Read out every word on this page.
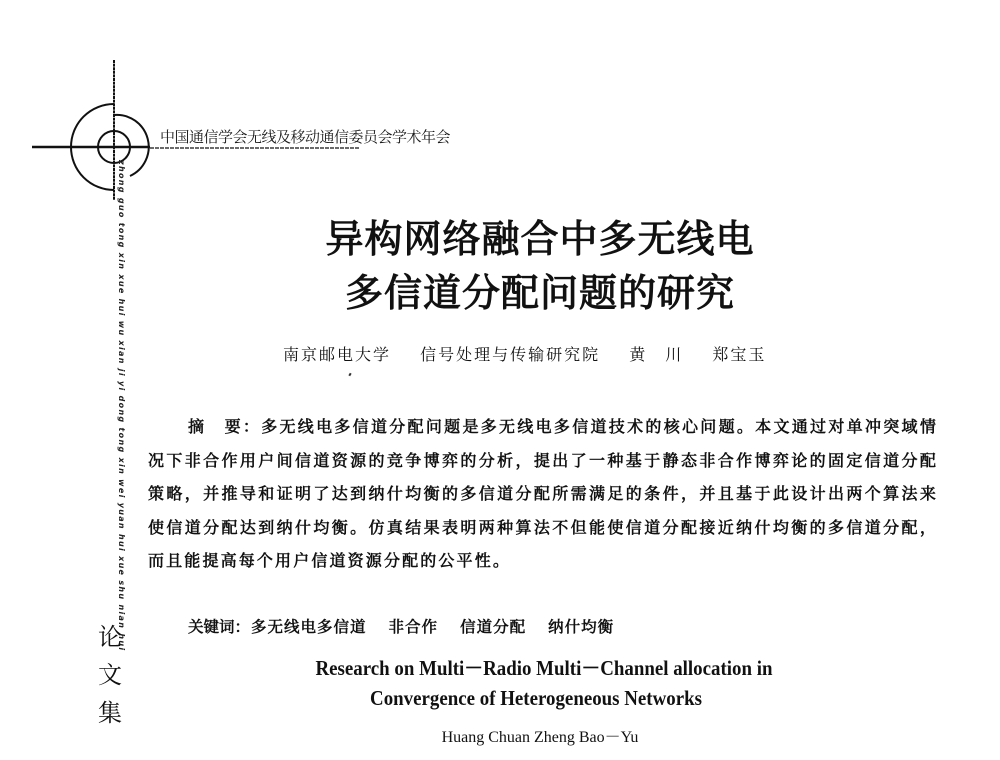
中国通信学会无线及移动通信委员会学术年会
zhong guo tong xin xue hui wu xian ji yi dong tong xin wei yuan hui xue shu nian hui
论
文
集
异构网络融合中多无线电
多信道分配问题的研究
南京邮电大学 信号处理与传输研究院 黄　川 郑宝玉
摘　要：多无线电多信道分配问题是多无线电多信道技术的核心问题。本文通过对单冲突域情况下非合作用户间信道资源的竞争博弈的分析，提出了一种基于静态非合作博弈论的固定信道分配策略，并推导和证明了达到纳什均衡的多信道分配所需满足的条件，并且基于此设计出两个算法来使信道分配达到纳什均衡。仿真结果表明两种算法不但能使信道分配接近纳什均衡的多信道分配，而且能提高每个用户信道资源分配的公平性。
关键词：多无线电多信道 非合作 信道分配 纳什均衡
Research on Multi－Radio Multi－Channel allocation in
Convergence of Heterogeneous Networks
Huang Chuan Zheng Bao－Yu
